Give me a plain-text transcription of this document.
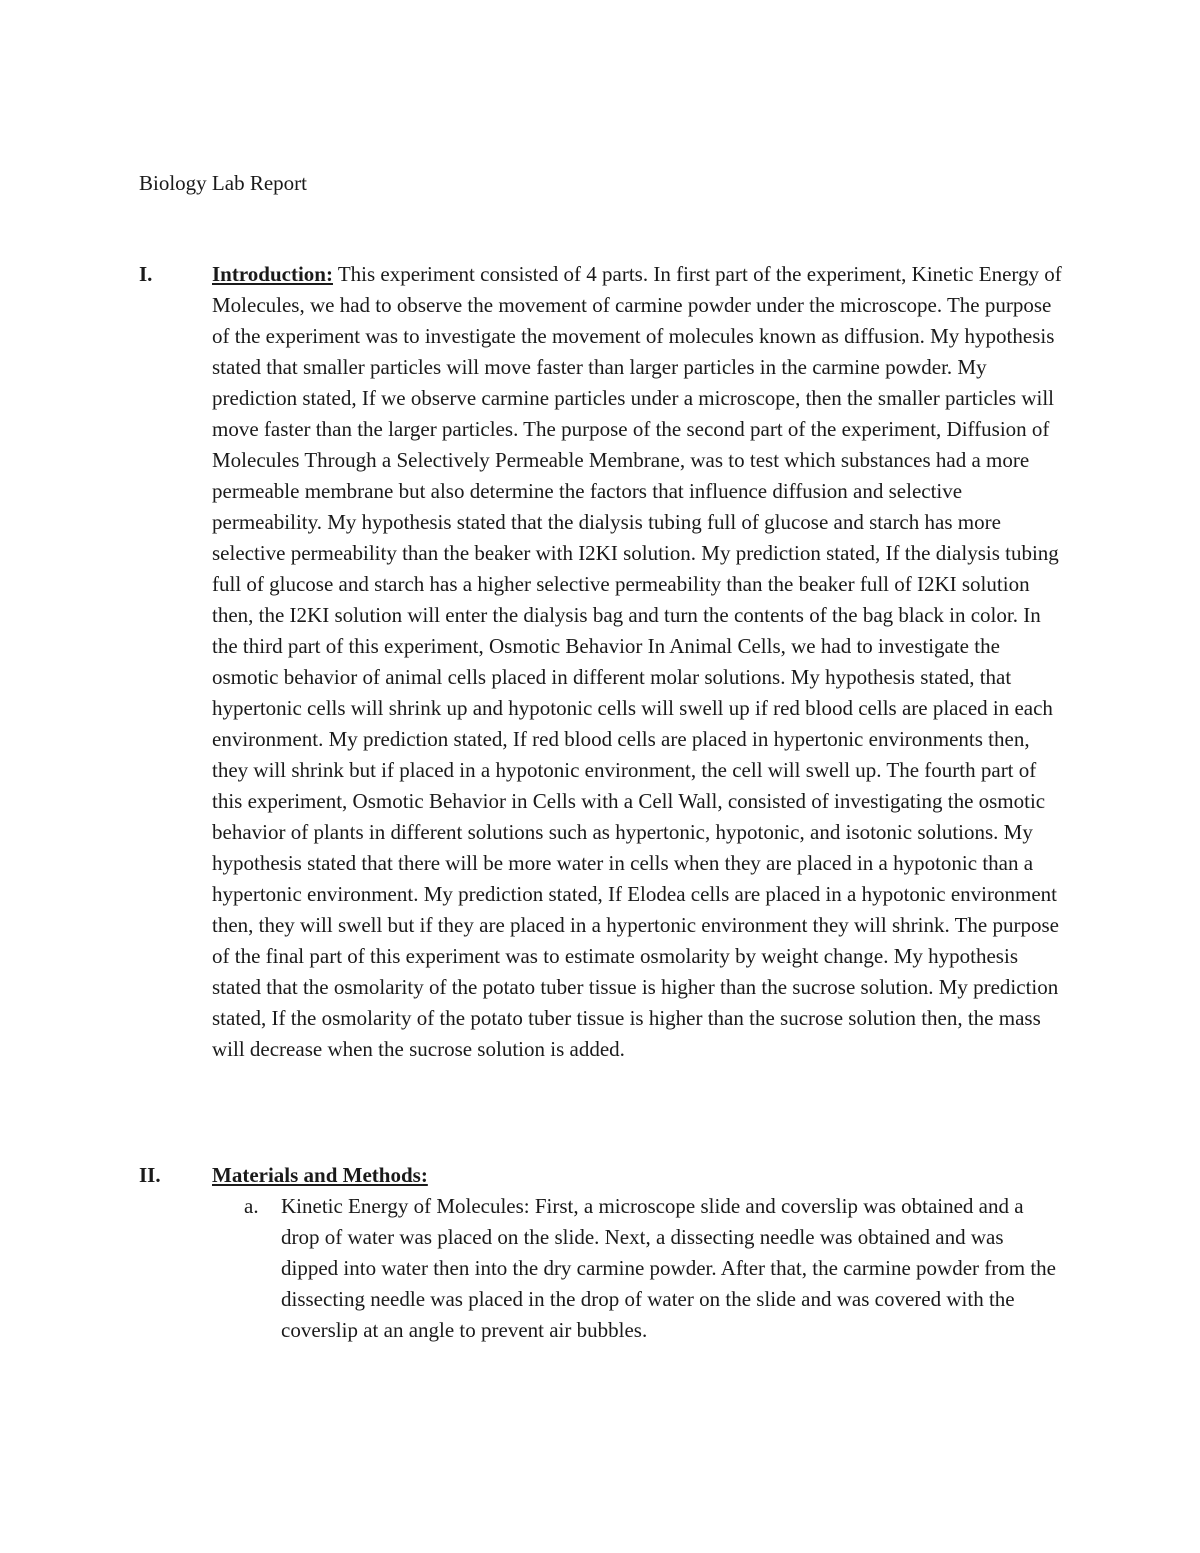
Biology Lab Report
I.	Introduction: This experiment consisted of 4 parts. In first part of the experiment, Kinetic Energy of Molecules, we had to observe the movement of carmine powder under the microscope. The purpose of the experiment was to investigate the movement of molecules known as diffusion. My hypothesis stated that smaller particles will move faster than larger particles in the carmine powder. My prediction stated, If we observe carmine particles under a microscope, then the smaller particles will move faster than the larger particles. The purpose of the second part of the experiment, Diffusion of Molecules Through a Selectively Permeable Membrane, was to test which substances had a more permeable membrane but also determine the factors that influence diffusion and selective permeability. My hypothesis stated that the dialysis tubing full of glucose and starch has more selective permeability than the beaker with I2KI solution. My prediction stated, If the dialysis tubing full of glucose and starch has a higher selective permeability than the beaker full of I2KI solution then, the I2KI solution will enter the dialysis bag and turn the contents of the bag black in color. In the third part of this experiment, Osmotic Behavior In Animal Cells, we had to investigate the osmotic behavior of animal cells placed in different molar solutions. My hypothesis stated, that hypertonic cells will shrink up and hypotonic cells will swell up if red blood cells are placed in each environment. My prediction stated, If red blood cells are placed in hypertonic environments then, they will shrink but if placed in a hypotonic environment, the cell will swell up. The fourth part of this experiment, Osmotic Behavior in Cells with a Cell Wall, consisted of investigating the osmotic behavior of plants in different solutions such as hypertonic, hypotonic, and isotonic solutions. My hypothesis stated that there will be more water in cells when they are placed in a hypotonic than a hypertonic environment. My prediction stated, If Elodea cells are placed in a hypotonic environment then, they will swell but if they are placed in a hypertonic environment they will shrink. The purpose of the final part of this experiment was to estimate osmolarity by weight change. My hypothesis stated that the osmolarity of the potato tuber tissue is higher than the sucrose solution. My prediction stated, If the osmolarity of the potato tuber tissue is higher than the sucrose solution then, the mass will decrease when the sucrose solution is added.
II.	Materials and Methods:
a. Kinetic Energy of Molecules: First, a microscope slide and coverslip was obtained and a drop of water was placed on the slide. Next, a dissecting needle was obtained and was dipped into water then into the dry carmine powder. After that, the carmine powder from the dissecting needle was placed in the drop of water on the slide and was covered with the coverslip at an angle to prevent air bubbles.
